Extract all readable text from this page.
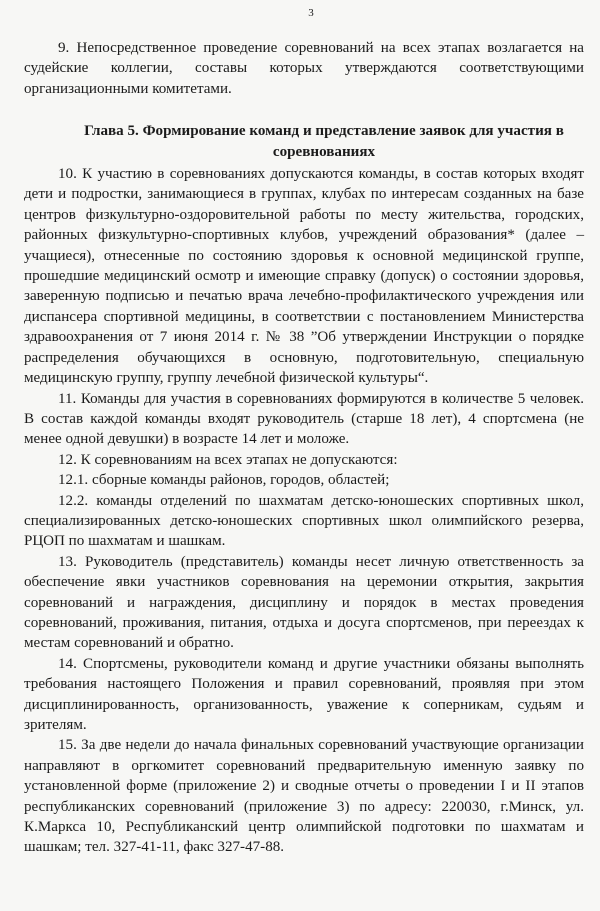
3

9. Непосредственное проведение соревнований на всех этапах возлагается на судейские коллегии, составы которых утверждаются соответствующими организационными комитетами.

Глава 5. Формирование команд и представление заявок для участия в соревнованиях

10. К участию в соревнованиях допускаются команды, в состав которых входят дети и подростки, занимающиеся в группах, клубах по интересам созданных на базе центров физкультурно-оздоровительной работы по месту жительства, городских, районных физкультурно-спортивных клубов, учреждений образования* (далее – учащиеся), отнесенные по состоянию здоровья к основной медицинской группе, прошедшие медицинский осмотр и имеющие справку (допуск) о состоянии здоровья, заверенную подписью и печатью врача лечебно-профилактического учреждения или диспансера спортивной медицины, в соответствии с постановлением Министерства здравоохранения от 7 июня 2014 г. № 38 ”Об утверждении Инструкции о порядке распределения обучающихся в основную, подготовительную, специальную медицинскую группу, группу лечебной физической культуры“.

11. Команды для участия в соревнованиях формируются в количестве 5 человек. В состав каждой команды входят руководитель (старше 18 лет), 4 спортсмена (не менее одной девушки) в возрасте 14 лет и моложе.

12. К соревнованиям на всех этапах не допускаются:

12.1. сборные команды районов, городов, областей;

12.2. команды отделений по шахматам детско-юношеских спортивных школ, специализированных детско-юношеских спортивных школ олимпийского резерва, РЦОП по шахматам и шашкам.

13. Руководитель (представитель) команды несет личную ответственность за обеспечение явки участников соревнования на церемонии открытия, закрытия соревнований и награждения, дисциплину и порядок в местах проведения соревнований, проживания, питания, отдыха и досуга спортсменов, при переездах к местам соревнований и обратно.

14. Спортсмены, руководители команд и другие участники обязаны выполнять требования настоящего Положения и правил соревнований, проявляя при этом дисциплинированность, организованность, уважение к соперникам, судьям и зрителям.

15. За две недели до начала финальных соревнований участвующие организации направляют в оргкомитет соревнований предварительную именную заявку по установленной форме (приложение 2) и сводные отчеты о проведении I и II этапов республиканских соревнований (приложение 3) по адресу: 220030, г.Минск, ул. К.Маркса 10, Республиканский центр олимпийской подготовки по шахматам и шашкам; тел. 327-41-11, факс 327-47-88.
